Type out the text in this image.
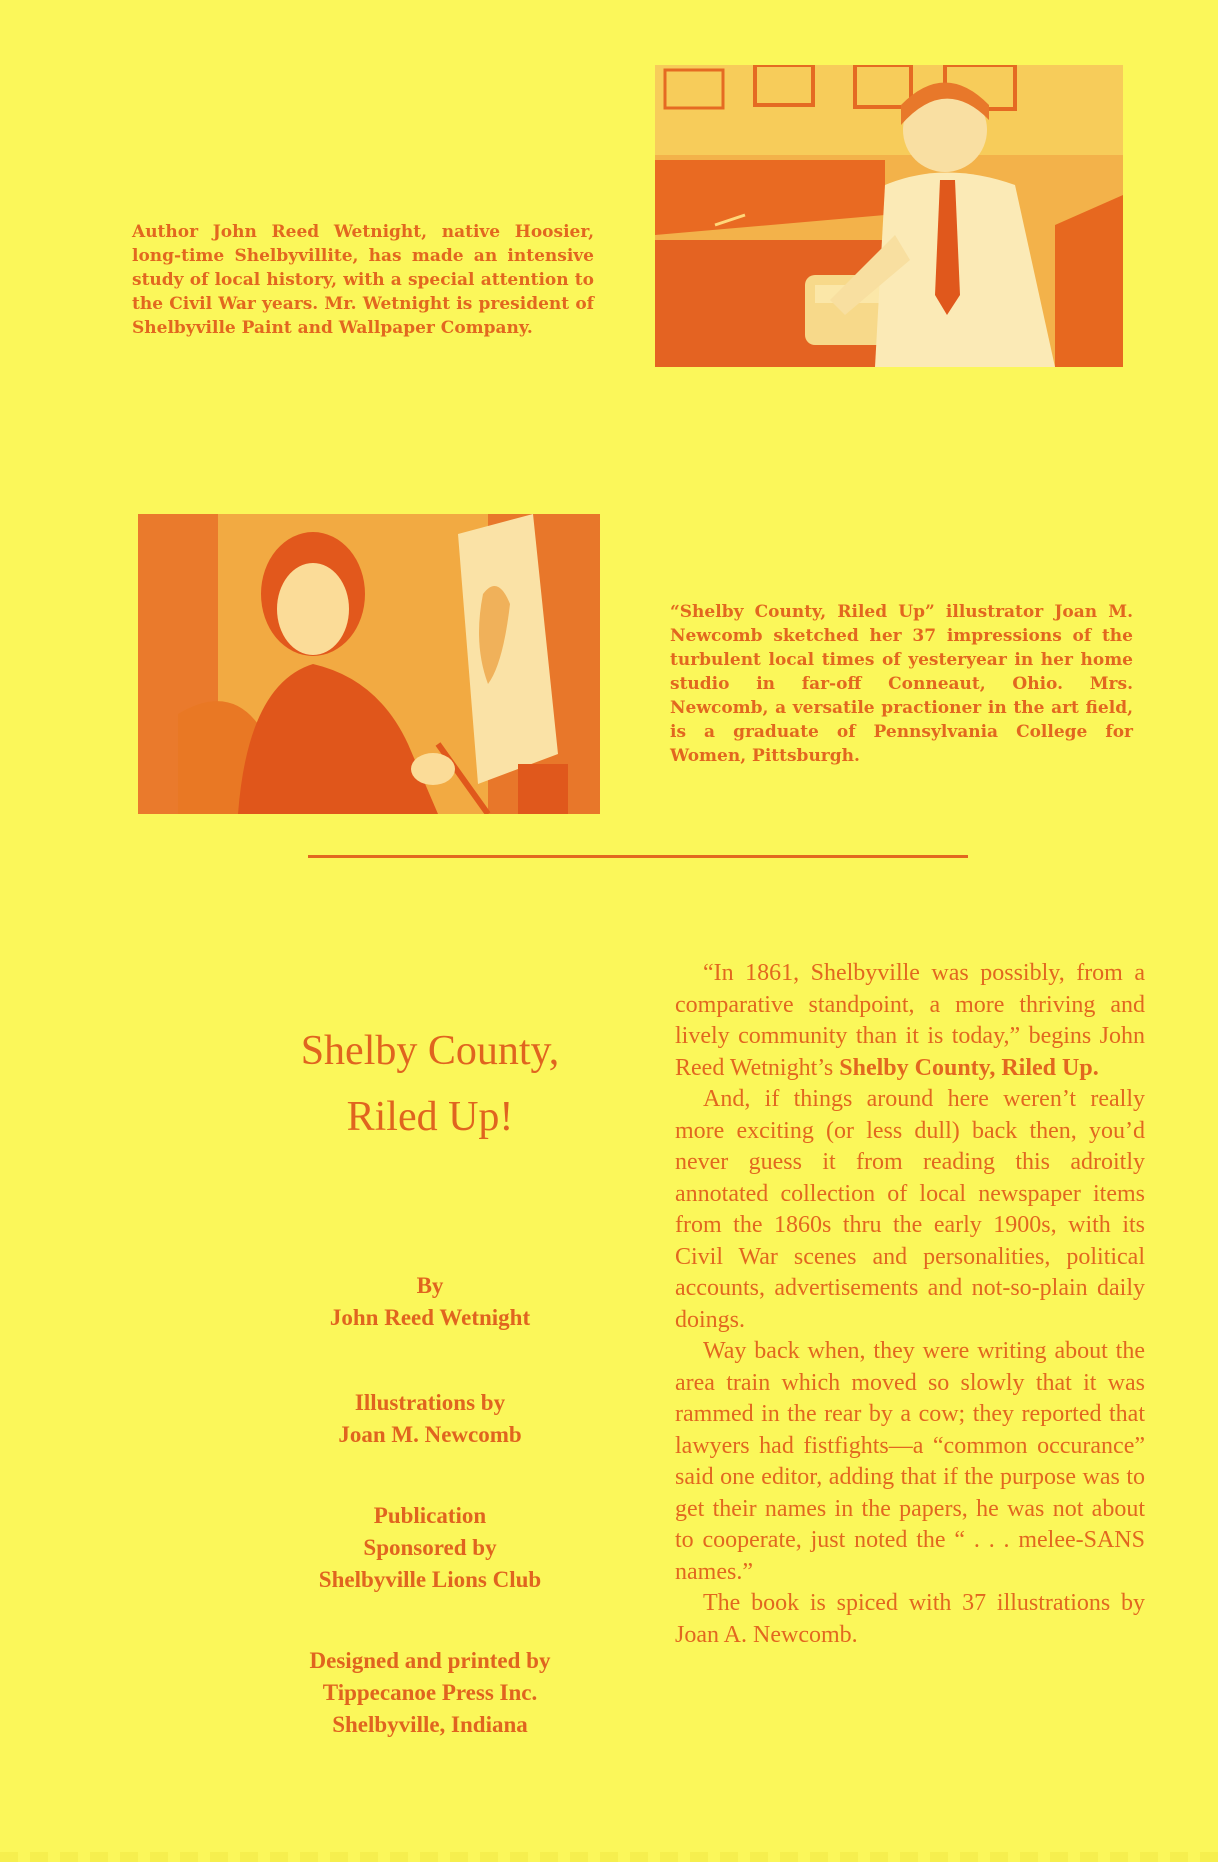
Author John Reed Wetnight, native Hoosier, long-time Shelbyvillite, has made an intensive study of local history, with a special attention to the Civil War years. Mr. Wetnight is president of Shelbyville Paint and Wallpaper Company.
“Shelby County, Riled Up” illustrator Joan M. Newcomb sketched her 37 impressions of the turbulent local times of yesteryear in her home studio in far-off Conneaut, Ohio. Mrs. Newcomb, a versatile practioner in the art field, is a graduate of Pennsylvania College for Women, Pittsburgh.
Shelby County,
Riled Up!
By
John Reed Wetnight
Illustrations by
Joan M. Newcomb
Publication
Sponsored by
Shelbyville Lions Club
Designed and printed by
Tippecanoe Press Inc.
Shelbyville, Indiana

“In 1861, Shelbyville was possibly, from a comparative standpoint, a more thriving and lively community than it is today,” begins John Reed Wetnight’s Shelby County, Riled Up.

And, if things around here weren’t really more exciting (or less dull) back then, you’d never guess it from reading this adroitly annotated collection of local newspaper items from the 1860s thru the early 1900s, with its Civil War scenes and personalities, political accounts, advertisements and not-so-plain daily doings.

Way back when, they were writing about the area train which moved so slowly that it was rammed in the rear by a cow; they reported that lawyers had fistfights—a “common occurance” said one editor, adding that if the purpose was to get their names in the papers, he was not about to cooperate, just noted the “ . . . melee-SANS names.”

The book is spiced with 37 illustrations by Joan A. Newcomb.
